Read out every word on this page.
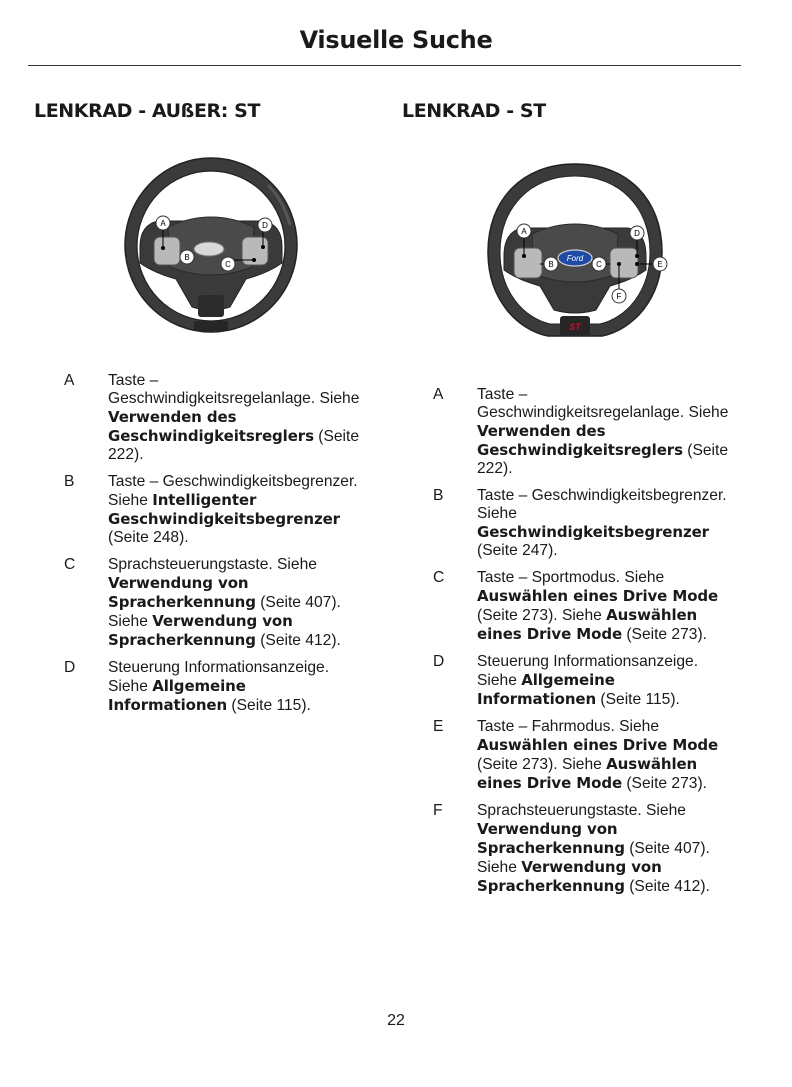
Visuelle Suche
LENKRAD - AUßER: ST	LENKRAD - ST
A
B
C
D
Ford
ST
A
B	C
D
E
F
A	Taste – Geschwindigkeitsregelanlage. Siehe Verwenden des Geschwindigkeitsreglers (Seite 222).
B	Taste – Geschwindigkeitsbegrenzer. Siehe Intelligenter Geschwindigkeitsbegrenzer (Seite 248).
C	Sprachsteuerungstaste. Siehe Verwendung von Spracherkennung (Seite 407). Siehe Verwendung von Spracherkennung (Seite 412).
D	Steuerung Informationsanzeige. Siehe Allgemeine Informationen (Seite 115).
A	Taste – Geschwindigkeitsregelanlage. Siehe Verwenden des Geschwindigkeitsreglers (Seite 222).
B	Taste – Geschwindigkeitsbegrenzer. Siehe Geschwindigkeitsbegrenzer (Seite 247).
C	Taste – Sportmodus. Siehe Auswählen eines Drive Mode (Seite 273). Siehe Auswählen eines Drive Mode (Seite 273).
D	Steuerung Informationsanzeige. Siehe Allgemeine Informationen (Seite 115).
E	Taste – Fahrmodus. Siehe Auswählen eines Drive Mode (Seite 273). Siehe Auswählen eines Drive Mode (Seite 273).
F	Sprachsteuerungstaste. Siehe Verwendung von Spracherkennung (Seite 407). Siehe Verwendung von Spracherkennung (Seite 412).
22
